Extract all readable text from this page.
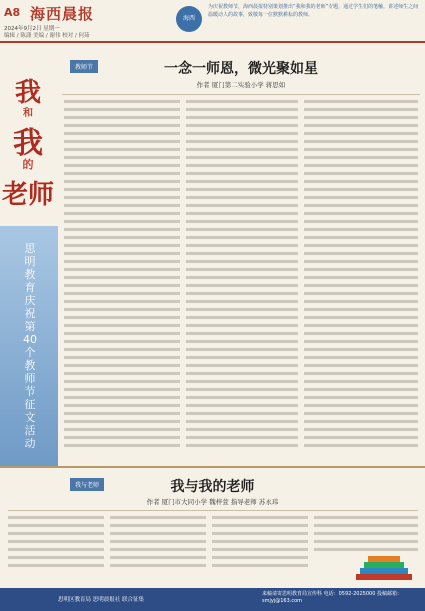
A8 海西晨报
2024年9月2日 星期一
编辑 / 陈潇 美编 / 谢伟 校对 / 何茹
海西
为庆祝教师节，海西晨报特别策划推出“我和我的老师”专题，通过学生们的笔触，讲述师生之间温暖动人的故事，致敬每一位默默耕耘的教师。
我
和
我
的
老师
思明教育庆祝第40个教师节征文活动
教师节	一念一师恩，微光聚如星
作者 厦门第二实验小学 蒋思如
我与老师	我与我的老师
作者 厦门市大同小学 魏梓萱 指导老师 苏永玮
思明区教育局 思明晨报社 联合征集
来稿请寄思明教育局宣传科 电话：0592-2025000 投稿邮箱：smjyj@163.com
